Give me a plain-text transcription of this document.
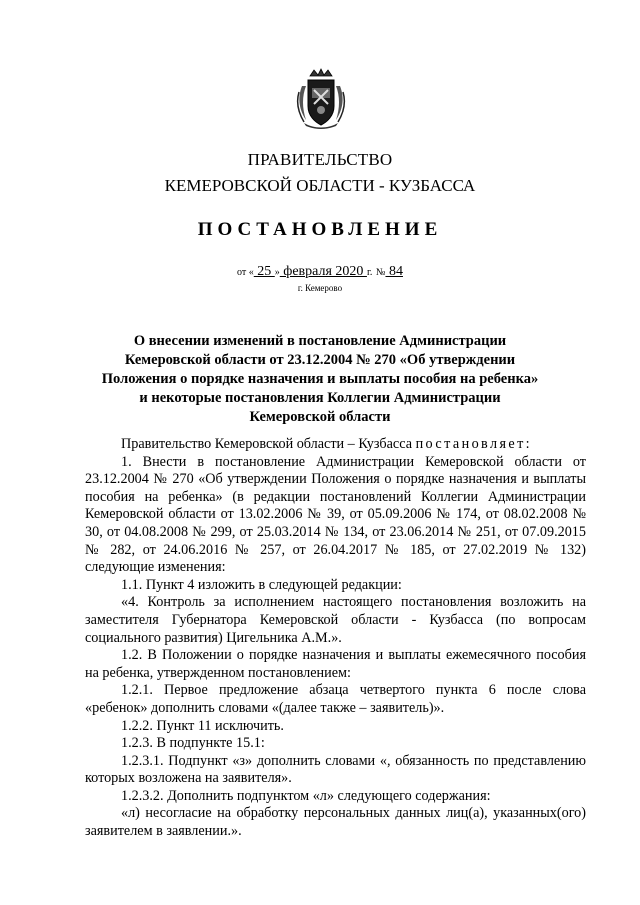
ПРАВИТЕЛЬСТВО
КЕМЕРОВСКОЙ ОБЛАСТИ - КУЗБАССА
ПОСТАНОВЛЕНИЕ
от « 25 » февраля 2020 г. № 84
г. Кемерово
О внесении изменений в постановление Администрации Кемеровской области от 23.12.2004 № 270 «Об утверждении Положения о порядке назначения и выплаты пособия на ребенка» и некоторые постановления Коллегии Администрации Кемеровской области

Правительство Кемеровской области – Кузбасса постановляет:

1. Внести в постановление Администрации Кемеровской области от 23.12.2004 № 270 «Об утверждении Положения о порядке назначения и выплаты пособия на ребенка» (в редакции постановлений Коллегии Администрации Кемеровской области от 13.02.2006 № 39, от 05.09.2006 № 174, от 08.02.2008 № 30, от 04.08.2008 № 299, от 25.03.2014 № 134, от 23.06.2014 № 251, от 07.09.2015 № 282, от 24.06.2016 № 257, от 26.04.2017 № 185, от 27.02.2019 № 132) следующие изменения:

1.1. Пункт 4 изложить в следующей редакции:

«4. Контроль за исполнением настоящего постановления возложить на заместителя Губернатора Кемеровской области - Кузбасса (по вопросам социального развития) Цигельника А.М.».

1.2. В Положении о порядке назначения и выплаты ежемесячного пособия на ребенка, утвержденном постановлением:

1.2.1. Первое предложение абзаца четвертого пункта 6 после слова «ребенок» дополнить словами «(далее также – заявитель)».

1.2.2. Пункт 11 исключить.

1.2.3. В подпункте 15.1:

1.2.3.1. Подпункт «з» дополнить словами «, обязанность по представлению которых возложена на заявителя».

1.2.3.2. Дополнить подпунктом «л» следующего содержания:

«л) несогласие на обработку персональных данных лиц(а), указанных(ого) заявителем в заявлении.».
